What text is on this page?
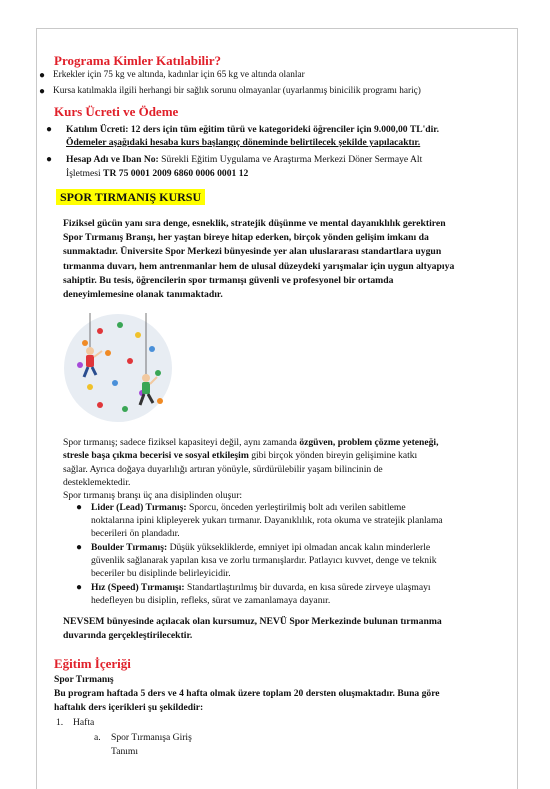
Programa Kimler Katılabilir?
● Erkekler için 75 kg ve altında, kadınlar için 65 kg ve altında olanlar
● Kursa katılmakla ilgili herhangi bir sağlık sorunu olmayanlar (uyarlanmış binicilik programı hariç)
Kurs Ücreti ve Ödeme
● Katılım Ücreti: 12 ders için tüm eğitim türü ve kategorideki öğrenciler için 9.000,00 TL'dir.
Ödemeler aşağıdaki hesaba kurs başlangıç döneminde belirtilecek şekilde yapılacaktır.
● Hesap Adı ve Iban No: Sürekli Eğitim Uygulama ve Araştırma Merkezi Döner Sermaye Alt
İşletmesi TR 75 0001 2009 6860 0006 0001 12
SPOR TIRMANIŞ KURSU
Fiziksel gücün yanı sıra denge, esneklik, stratejik düşünme ve mental dayanıklılık gerektiren
Spor Tırmanış Branşı, her yaştan bireye hitap ederken, birçok yönden gelişim imkanı da
sunmaktadır. Üniversite Spor Merkezi bünyesinde yer alan uluslararası standartlara uygun
tırmanma duvarı, hem antrenmanlar hem de ulusal düzeydeki yarışmalar için uygun altyapıya
sahiptir. Bu tesis, öğrencilerin spor tırmanışı güvenli ve profesyonel bir ortamda
deneyimlemesine olanak tanımaktadır.
Spor tırmanış; sadece fiziksel kapasiteyi değil, aynı zamanda özgüven, problem çözme yeteneği,
stresle başa çıkma becerisi ve sosyal etkileşim gibi birçok yönden bireyin gelişimine katkı
sağlar. Ayrıca doğaya duyarlılığı artıran yönüyle, sürdürülebilir yaşam bilincinin de
desteklemektedir.
Spor tırmanış branşı üç ana disiplinden oluşur:
● Lider (Lead) Tırmanış: Sporcu, önceden yerleştirilmiş bolt adı verilen sabitleme
noktalarına ipini klipleyerek yukarı tırmanır. Dayanıklılık, rota okuma ve stratejik planlama
becerileri ön plandadır.
● Boulder Tırmanış: Düşük yüksekliklerde, emniyet ipi olmadan ancak kalın minderlerle
güvenlik sağlanarak yapılan kısa ve zorlu tırmanışlardır. Patlayıcı kuvvet, denge ve teknik
beceriler bu disiplinde belirleyicidir.
● Hız (Speed) Tırmanışı: Standartlaştırılmış bir duvarda, en kısa sürede zirveye ulaşmayı
hedefleyen bu disiplin, refleks, sürat ve zamanlamaya dayanır.
NEVSEM bünyesinde açılacak olan kursumuz, NEVÜ Spor Merkezinde bulunan tırmanma
duvarında gerçekleştirilecektir.
Eğitim İçeriği
Spor Tırmanış
Bu program haftada 5 ders ve 4 hafta olmak üzere toplam 20 dersten oluşmaktadır. Buna göre
haftalık ders içerikleri şu şekildedir:
1. Hafta
a. Spor Tırmanışa Giriş
Tanımı
